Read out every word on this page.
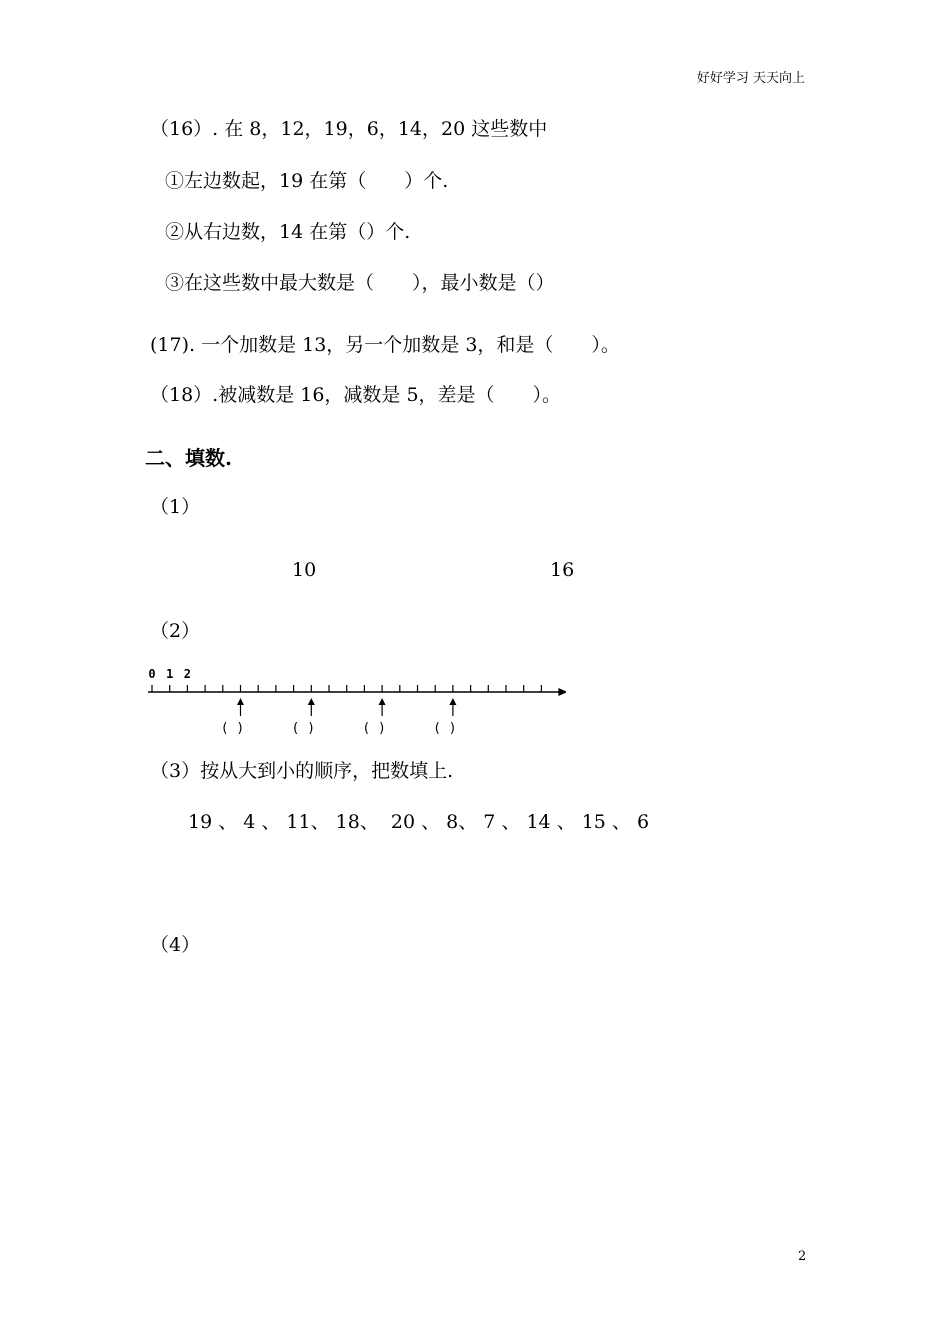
好好学习 天天向上
（16）. 在 8，12，19，6，14，20 这些数中
①左边数起，19 在第（　　）个.
②从右边数，14 在第（）个.
③在这些数中最大数是（　　），最小数是（）
(17). 一个加数是 13，另一个加数是 3，和是（　　）。
（18）.被减数是 16，减数是 5，差是（　　）。
二、填数.
（1）
10	16
（2）
0 1 2
( )	( )	( )	( )
（3）按从大到小的顺序，把数填上.
19 、 4 、 11、 18、  20 、 8、 7 、 14 、 15 、 6
（4）
2
